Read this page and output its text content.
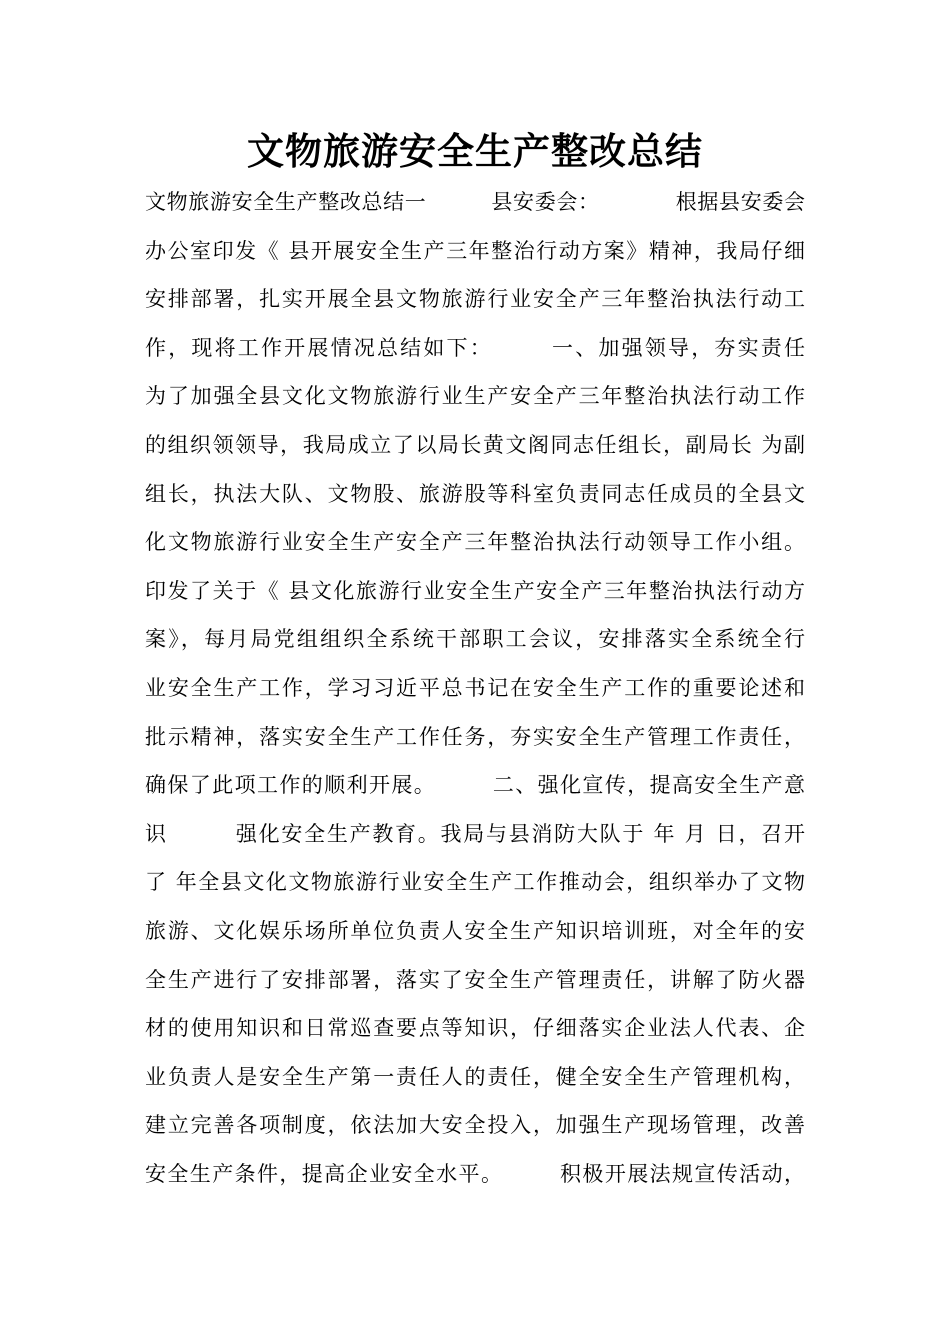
文物旅游安全生产整改总结
文物旅游安全生产整改总结一　　　县安委会：　　　　根据县安委会
办公室印发《 县开展安全生产三年整治行动方案》精神，我局仔细
安排部署，扎实开展全县文物旅游行业安全产三年整治执法行动工
作，现将工作开展情况总结如下：　　　一、加强领导，夯实责任
为了加强全县文化文物旅游行业生产安全产三年整治执法行动工作
的组织领领导，我局成立了以局长黄文阁同志任组长，副局长 为副
组长，执法大队、文物股、旅游股等科室负责同志任成员的全县文
化文物旅游行业安全生产安全产三年整治执法行动领导工作小组。
印发了关于《 县文化旅游行业安全生产安全产三年整治执法行动方
案》，每月局党组组织全系统干部职工会议，安排落实全系统全行
业安全生产工作，学习习近平总书记在安全生产工作的重要论述和
批示精神，落实安全生产工作任务，夯实安全生产管理工作责任，
确保了此项工作的顺利开展。　　　二、强化宣传，提高安全生产意
识　　　强化安全生产教育。我局与县消防大队于 年 月 日，召开
了 年全县文化文物旅游行业安全生产工作推动会，组织举办了文物
旅游、文化娱乐场所单位负责人安全生产知识培训班，对全年的安
全生产进行了安排部署，落实了安全生产管理责任，讲解了防火器
材的使用知识和日常巡查要点等知识，仔细落实企业法人代表、企
业负责人是安全生产第一责任人的责任，健全安全生产管理机构，
建立完善各项制度，依法加大安全投入，加强生产现场管理，改善
安全生产条件，提高企业安全水平。　　　积极开展法规宣传活动，
